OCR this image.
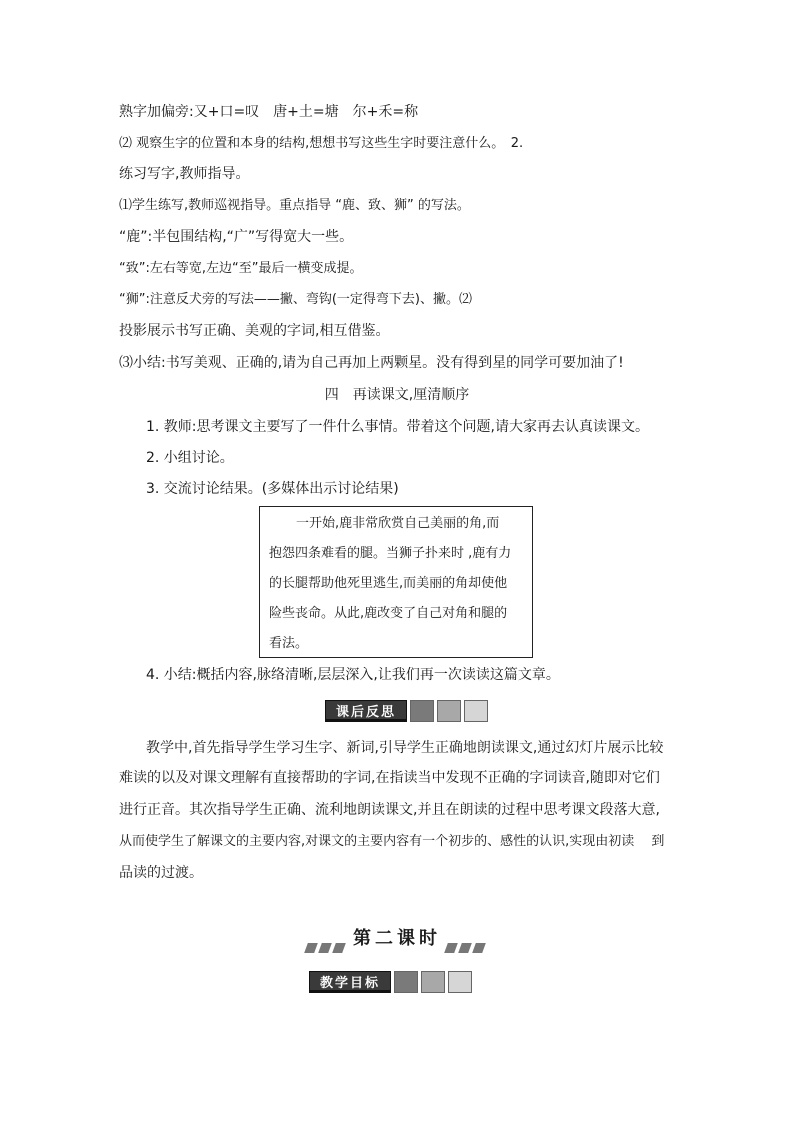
熟字加偏旁:又+口=叹　唐+土=塘　尔+禾=称
⑵ 观察生字的位置和本身的结构,想想书写这些生字时要注意什么。　2.
练习写字,教师指导。
⑴学生练写,教师巡视指导。重点指导 “鹿、致、狮” 的写法。
“鹿”:半包围结构,“广”写得宽大一些。
“致”:左右等宽,左边“至”最后一横变成提。
“狮”:注意反犬旁的写法——撇、弯钩(一定得弯下去)、撇。⑵
投影展示书写正确、美观的字词,相互借鉴。
⑶小结:书写美观、正确的,请为自己再加上两颗星。没有得到星的同学可要加油了!
四　再读课文,厘清顺序
1. 教师:思考课文主要写了一件什么事情。带着这个问题,请大家再去认真读课文。
2. 小组讨论。
3. 交流讨论结果。(多媒体出示讨论结果)
一开始,鹿非常欣赏自己美丽的角,而
抱怨四条难看的腿。当狮子扑来时 ,鹿有力
的长腿帮助他死里逃生,而美丽的角却使他
险些丧命。从此,鹿改变了自己对角和腿的
看法。
4. 小结:概括内容,脉络清晰,层层深入,让我们再一次读读这篇文章。
课后反思
教学中,首先指导学生学习生字、新词,引导学生正确地朗读课文,通过幻灯片展示比较
难读的以及对课文理解有直接帮助的字词,在指读当中发现不正确的字词读音,随即对它们
进行正音。其次指导学生正确、流利地朗读课文,并且在朗读的过程中思考课文段落大意,
从而使学生了解课文的主要内容,对课文的主要内容有一个初步的、感性的认识,实现由初读　 到
品读的过渡。
第二课时
教学目标
